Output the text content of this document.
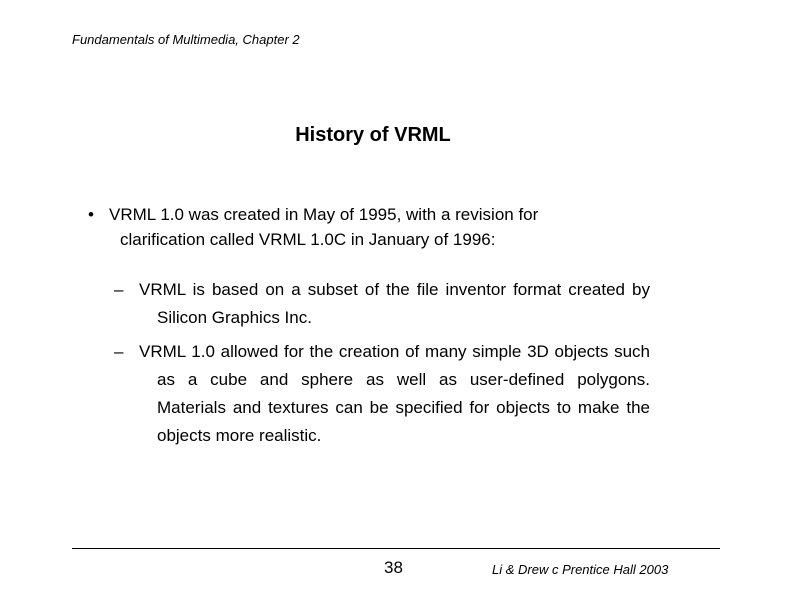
Fundamentals of Multimedia, Chapter 2
History of VRML
• VRML 1.0 was created in May of 1995, with a revision for clarification called VRML 1.0C in January of 1996:
– VRML is based on a subset of the file inventor format created by Silicon Graphics Inc.
– VRML 1.0 allowed for the creation of many simple 3D objects such as a cube and sphere as well as user-defined polygons. Materials and textures can be specified for objects to make the objects more realistic.
38	Li & Drew c Prentice Hall 2003
